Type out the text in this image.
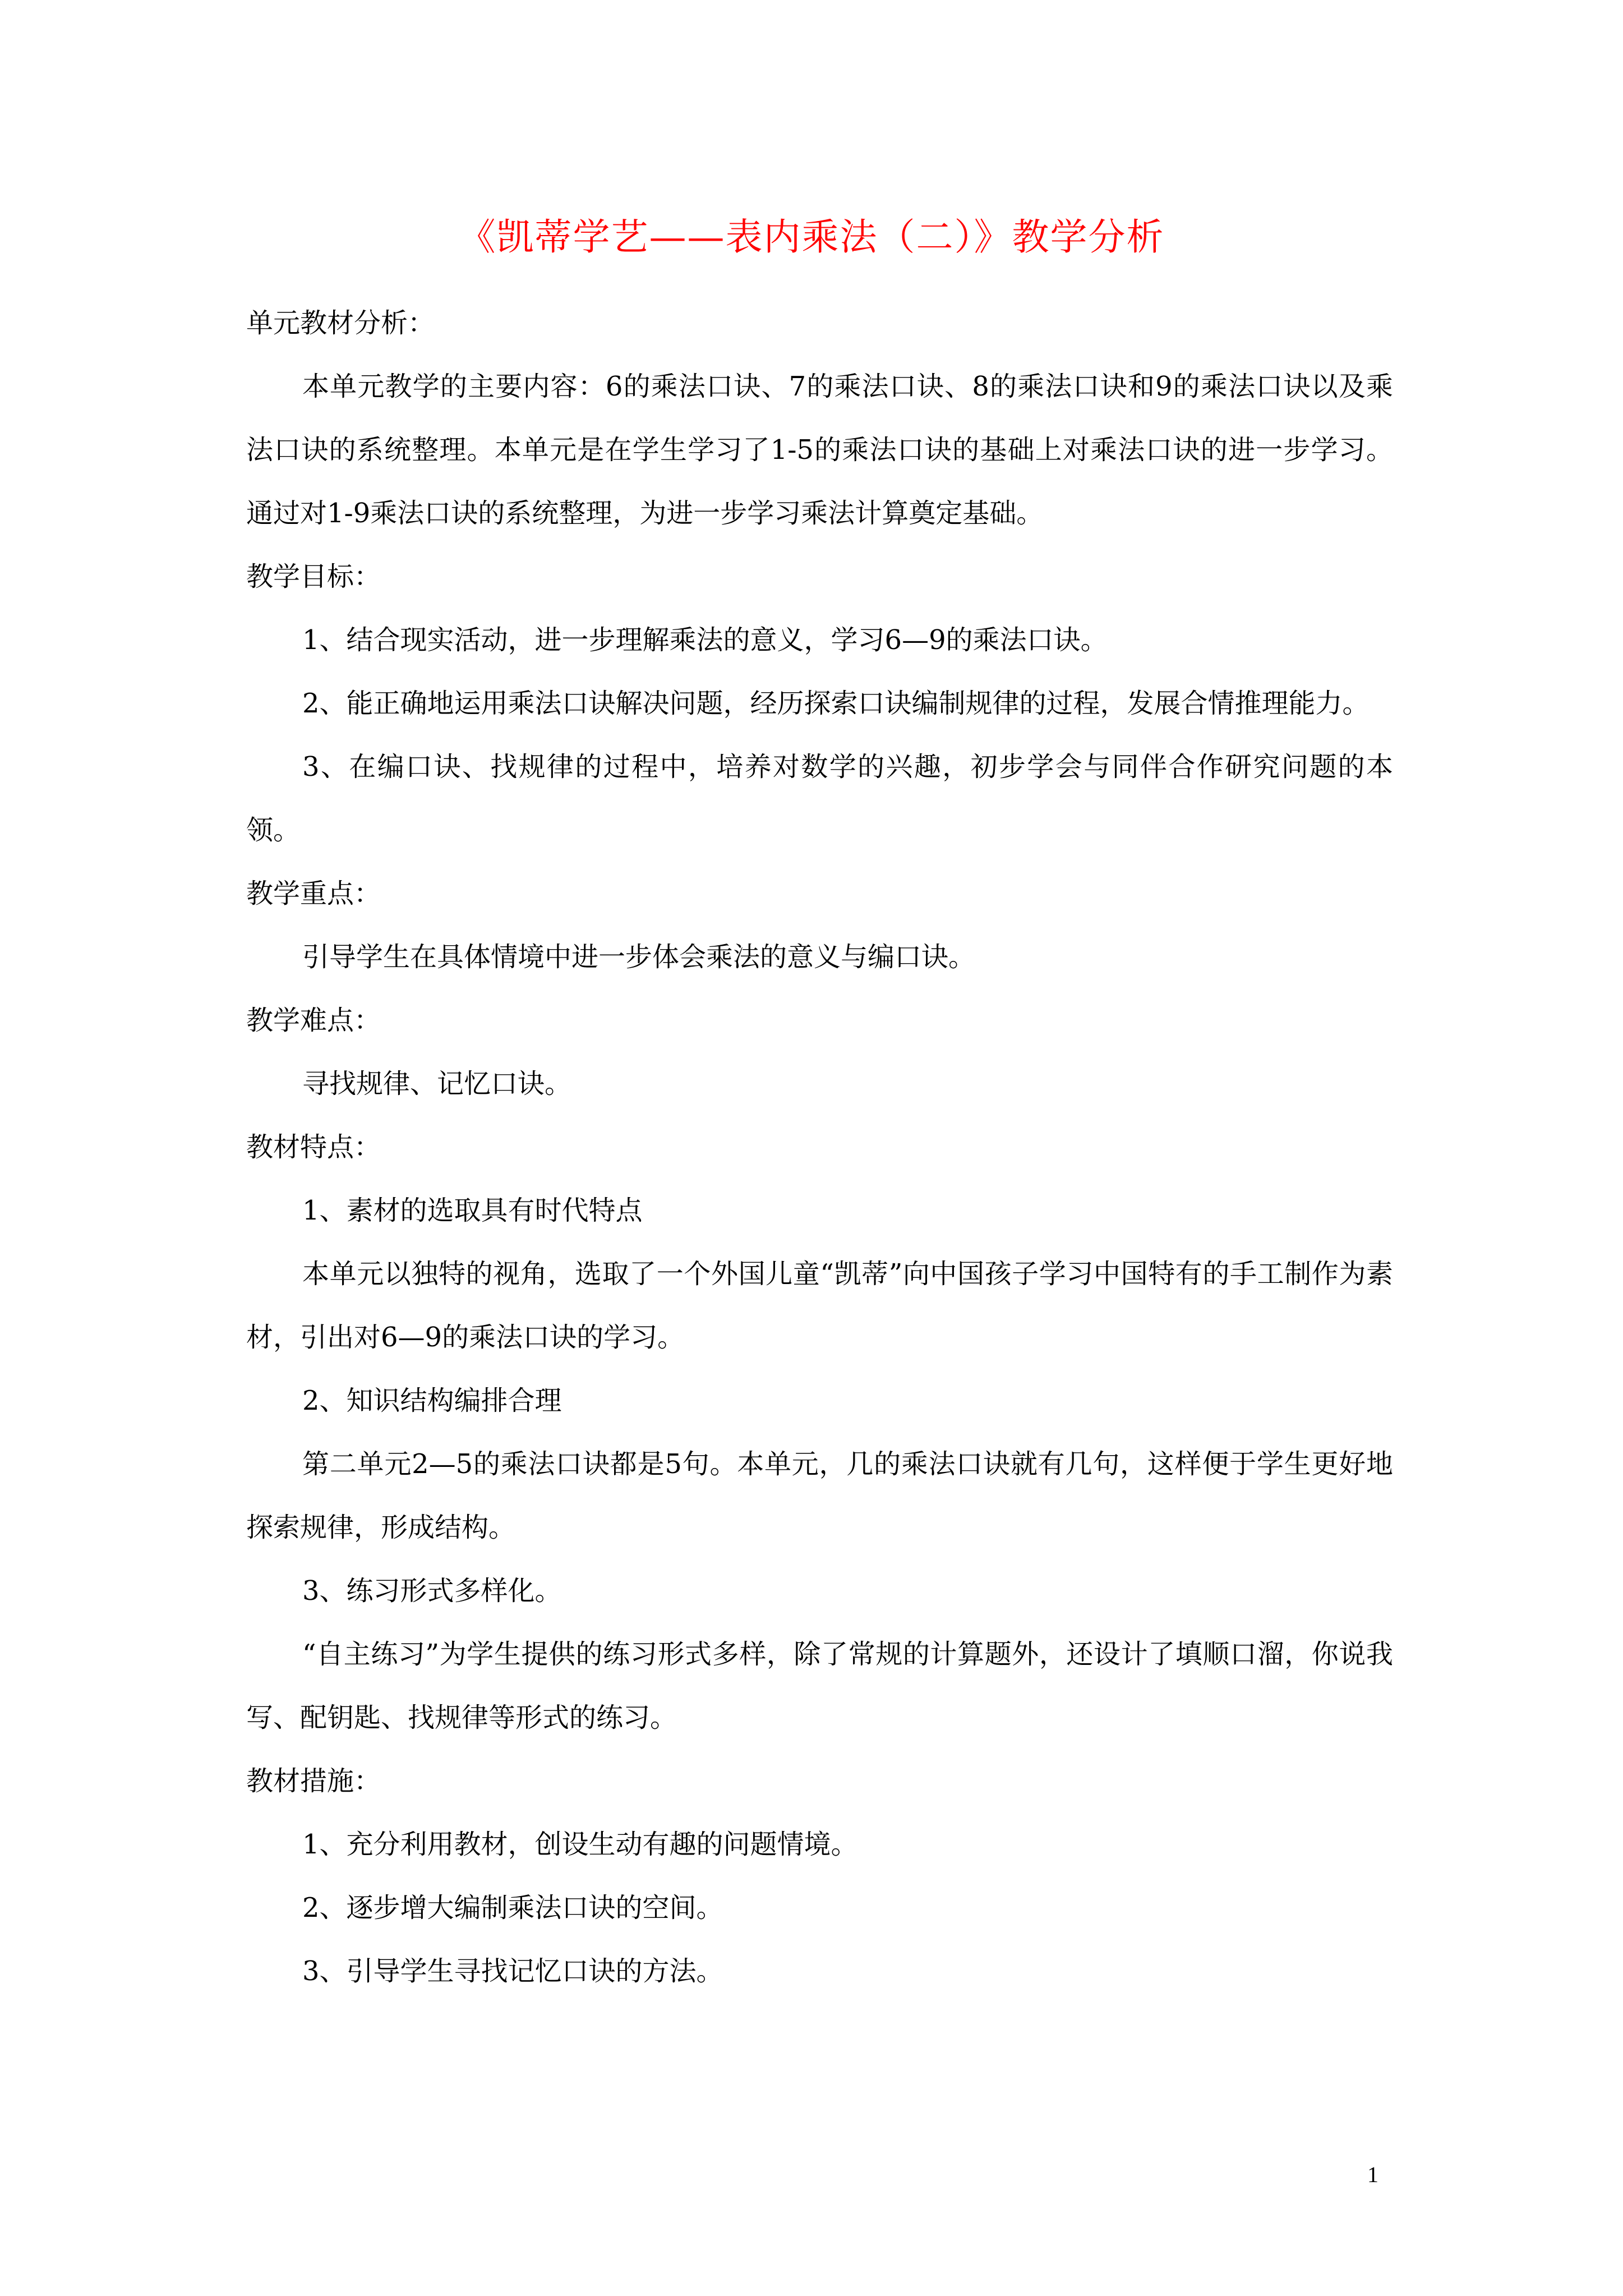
《凯蒂学艺——表内乘法（二）》教学分析

单元教材分析：

本单元教学的主要内容：6的乘法口诀、7的乘法口诀、8的乘法口诀和9的乘法口诀以及乘法口诀的系统整理。本单元是在学生学习了1-5的乘法口诀的基础上对乘法口诀的进一步学习。通过对1-9乘法口诀的系统整理，为进一步学习乘法计算奠定基础。

教学目标：

1、结合现实活动，进一步理解乘法的意义，学习6—9的乘法口诀。

2、能正确地运用乘法口诀解决问题，经历探索口诀编制规律的过程，发展合情推理能力。

3、在编口诀、找规律的过程中，培养对数学的兴趣，初步学会与同伴合作研究问题的本领。

教学重点：

引导学生在具体情境中进一步体会乘法的意义与编口诀。

教学难点：

寻找规律、记忆口诀。

教材特点：

1、素材的选取具有时代特点

本单元以独特的视角，选取了一个外国儿童“凯蒂”向中国孩子学习中国特有的手工制作为素材，引出对6—9的乘法口诀的学习。

2、知识结构编排合理

第二单元2—5的乘法口诀都是5句。本单元，几的乘法口诀就有几句，这样便于学生更好地探索规律，形成结构。

3、练习形式多样化。

“自主练习”为学生提供的练习形式多样，除了常规的计算题外，还设计了填顺口溜，你说我写、配钥匙、找规律等形式的练习。

教材措施：

1、充分利用教材，创设生动有趣的问题情境。

2、逐步增大编制乘法口诀的空间。

3、引导学生寻找记忆口诀的方法。

1
